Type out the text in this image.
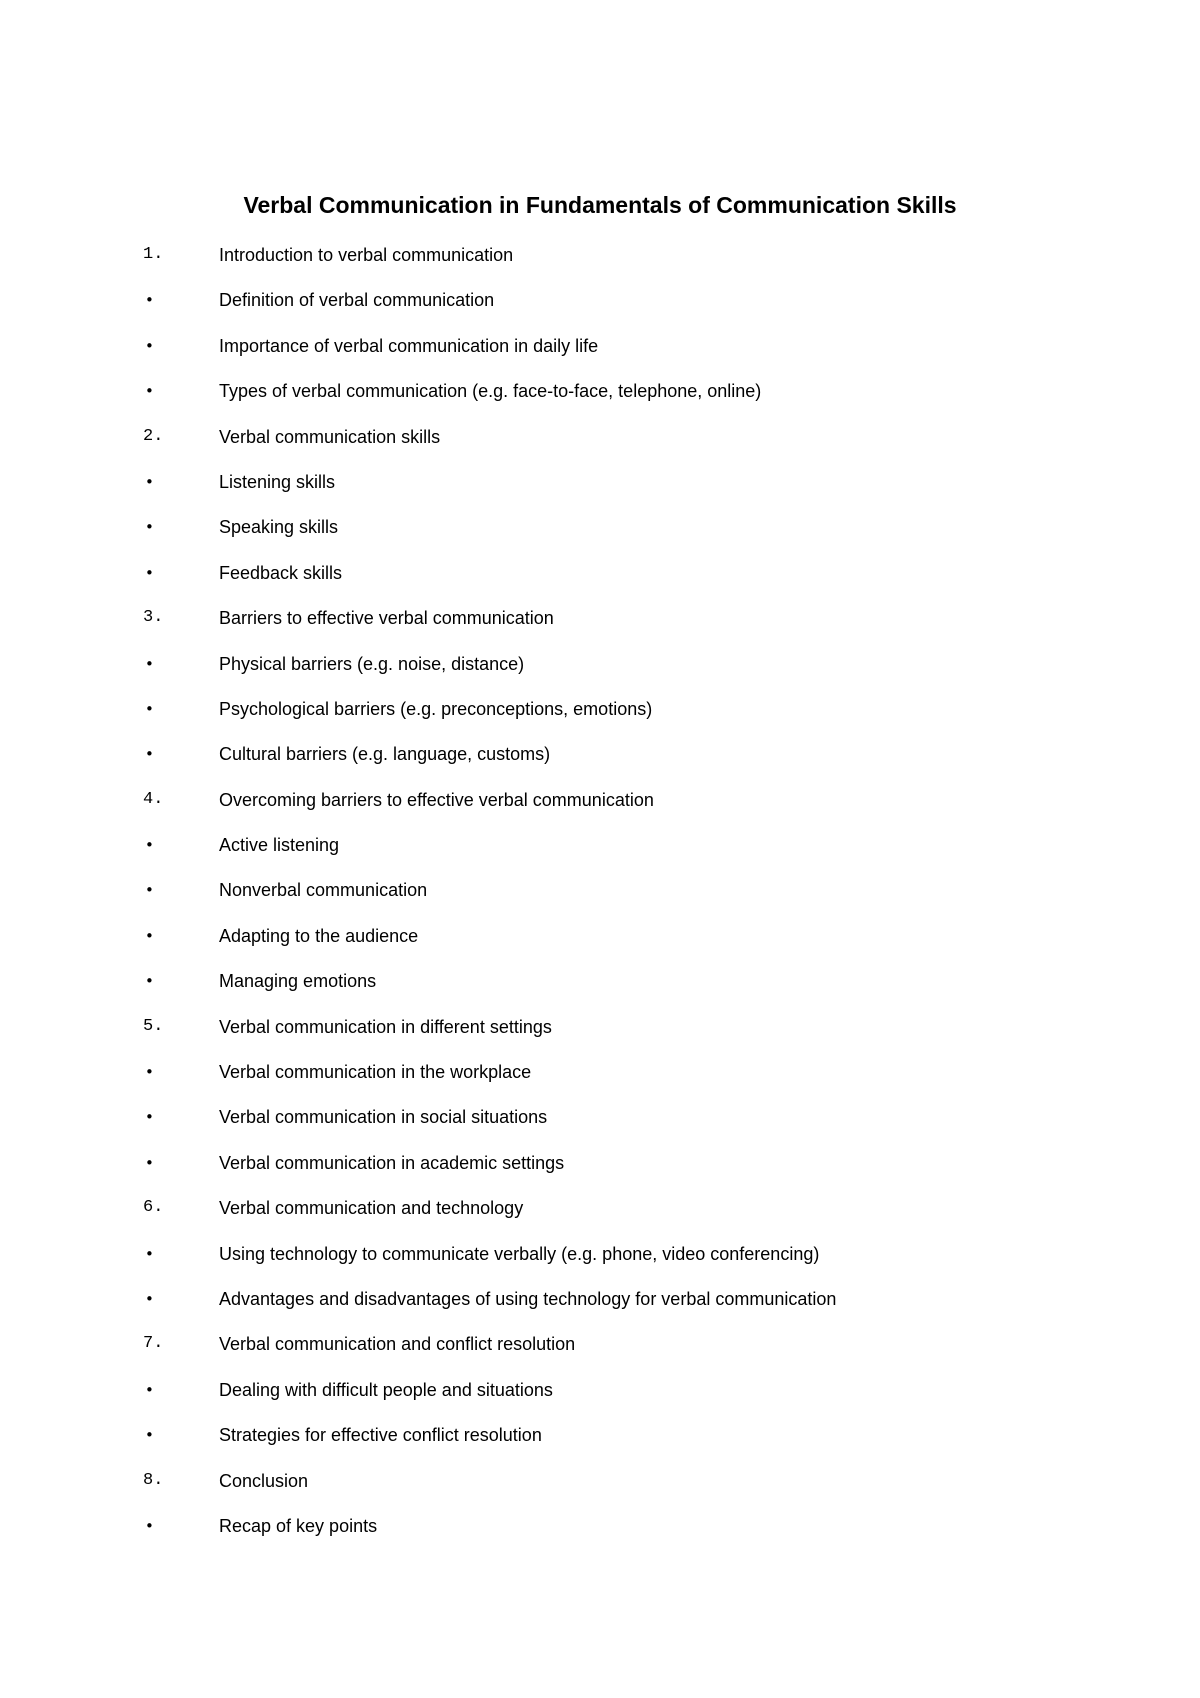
Verbal Communication in Fundamentals of Communication Skills
1.	Introduction to verbal communication
•	Definition of verbal communication
•	Importance of verbal communication in daily life
•	Types of verbal communication (e.g. face-to-face, telephone, online)
2.	Verbal communication skills
•	Listening skills
•	Speaking skills
•	Feedback skills
3.	Barriers to effective verbal communication
•	Physical barriers (e.g. noise, distance)
•	Psychological barriers (e.g. preconceptions, emotions)
•	Cultural barriers (e.g. language, customs)
4.	Overcoming barriers to effective verbal communication
•	Active listening
•	Nonverbal communication
•	Adapting to the audience
•	Managing emotions
5.	Verbal communication in different settings
•	Verbal communication in the workplace
•	Verbal communication in social situations
•	Verbal communication in academic settings
6.	Verbal communication and technology
•	Using technology to communicate verbally (e.g. phone, video conferencing)
•	Advantages and disadvantages of using technology for verbal communication
7.	Verbal communication and conflict resolution
•	Dealing with difficult people and situations
•	Strategies for effective conflict resolution
8.	Conclusion
•	Recap of key points
